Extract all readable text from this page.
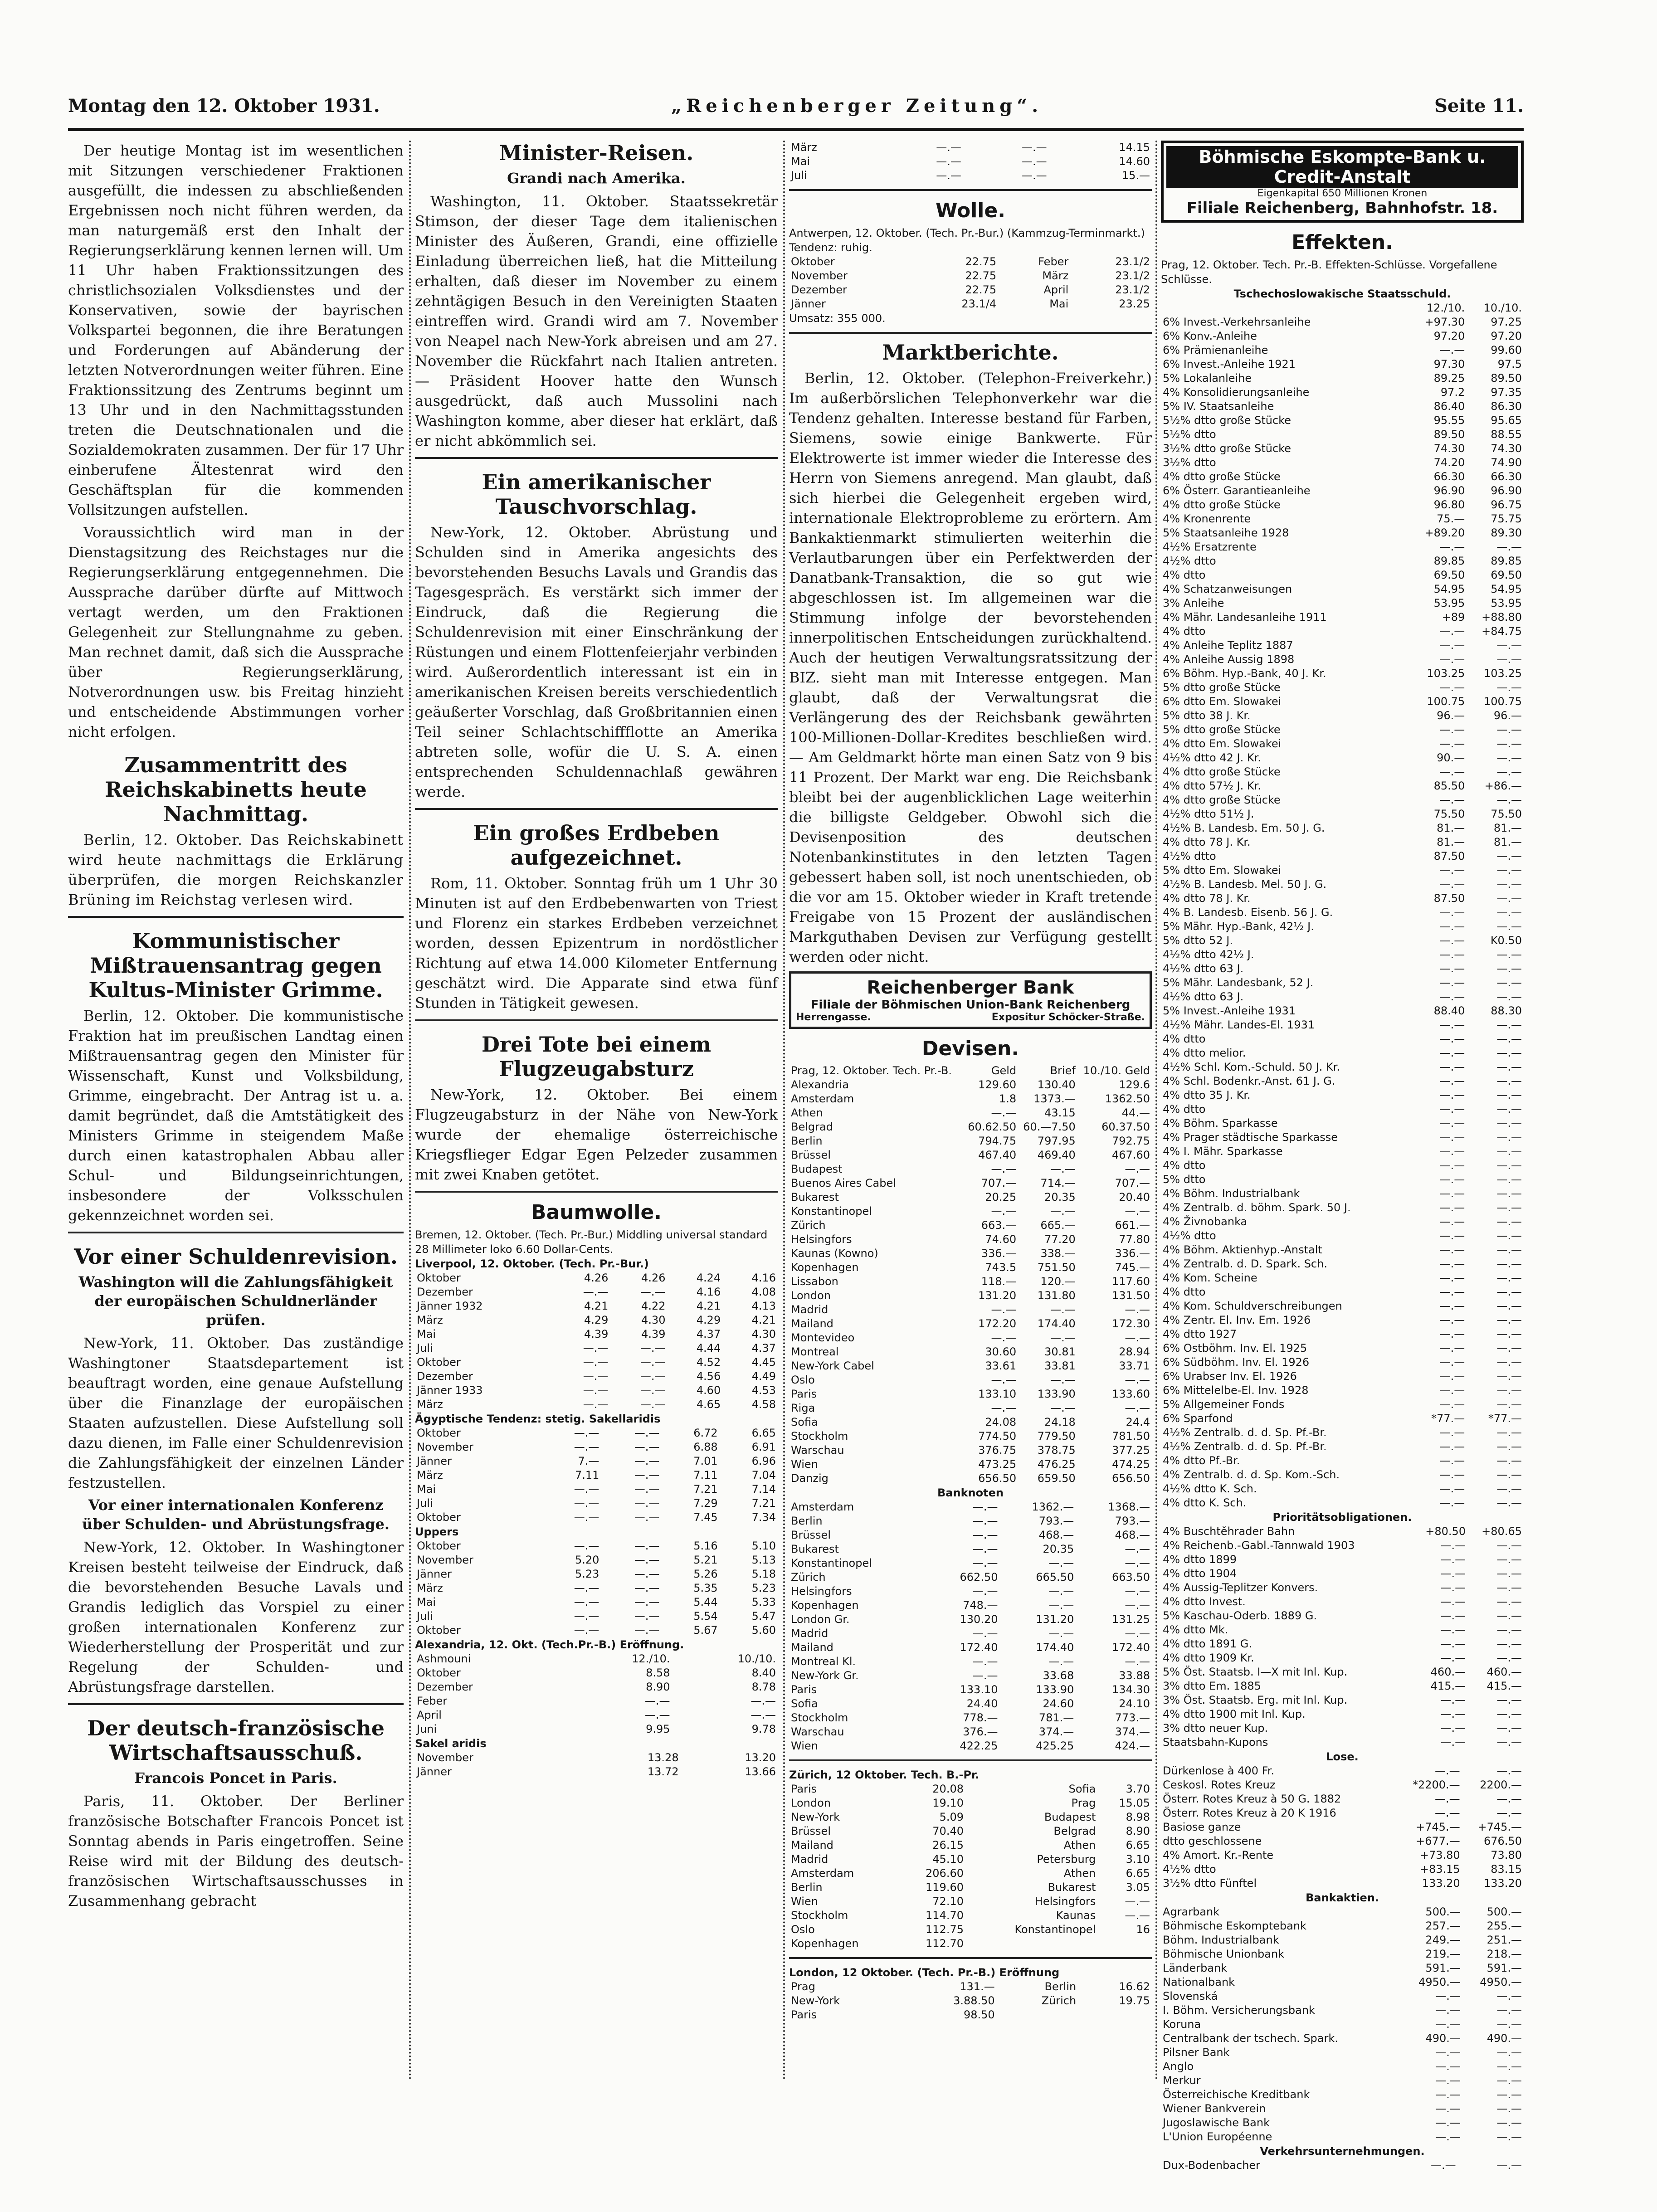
Montag den 12. Oktober 1931.	„Reichenberger Zeitung“.	Seite 11.

Der heutige Montag ist im wesentlichen mit Sitzungen verschiedener Fraktionen ausgefüllt, die indessen zu abschließenden Ergebnissen noch nicht führen werden, da man naturgemäß erst den Inhalt der Regierungserklärung kennen lernen will. Um 11 Uhr haben Fraktionssitzungen des christlichsozialen Volksdienstes und der Konservativen, sowie der bayrischen Volkspartei begonnen, die ihre Beratungen und Forderungen auf Abänderung der letzten Notverordnungen weiter führen. Eine Fraktionssitzung des Zentrums beginnt um 13 Uhr und in den Nachmittagsstunden treten die Deutschnationalen und die Sozialdemokraten zusammen. Der für 17 Uhr einberufene Ältestenrat wird den Geschäftsplan für die kommenden Vollsitzungen aufstellen.

Voraussichtlich wird man in der Dienstagsitzung des Reichstages nur die Regierungserklärung entgegennehmen. Die Aussprache darüber dürfte auf Mittwoch vertagt werden, um den Fraktionen Gelegenheit zur Stellungnahme zu geben. Man rechnet damit, daß sich die Aussprache über Regierungserklärung, Notverordnungen usw. bis Freitag hinzieht und entscheidende Abstimmungen vorher nicht erfolgen.

Zusammentritt des Reichskabinetts heute Nachmittag.

Berlin, 12. Oktober. Das Reichskabinett wird heute nachmittags die Erklärung überprüfen, die morgen Reichskanzler Brüning im Reichstag verlesen wird.

Kommunistischer Mißtrauensantrag gegen Kultus-Minister Grimme.

Berlin, 12. Oktober. Die kommunistische Fraktion hat im preußischen Landtag einen Mißtrauensantrag gegen den Minister für Wissenschaft, Kunst und Volksbildung, Grimme, eingebracht. Der Antrag ist u. a. damit begründet, daß die Amtstätigkeit des Ministers Grimme in steigendem Maße durch einen katastrophalen Abbau aller Schul- und Bildungseinrichtungen, insbesondere der Volksschulen gekennzeichnet worden sei.

Vor einer Schuldenrevision.
Washington will die Zahlungsfähigkeit der europäischen Schuldnerländer prüfen.

New-York, 11. Oktober. Das zuständige Washingtoner Staatsdepartement ist beauftragt worden, eine genaue Aufstellung über die Finanzlage der europäischen Staaten aufzustellen. Diese Aufstellung soll dazu dienen, im Falle einer Schuldenrevision die Zahlungsfähigkeit der einzelnen Länder festzustellen.

Vor einer internationalen Konferenz über Schulden- und Abrüstungsfrage.

New-York, 12. Oktober. In Washingtoner Kreisen besteht teilweise der Eindruck, daß die bevorstehenden Besuche Lavals und Grandis lediglich das Vorspiel zu einer großen internationalen Konferenz zur Wiederherstellung der Prosperität und zur Regelung der Schulden- und Abrüstungsfrage darstellen.

Der deutsch-französische Wirtschaftsausschuß.
Francois Poncet in Paris.

Paris, 11. Oktober. Der Berliner französische Botschafter Francois Poncet ist Sonntag abends in Paris eingetroffen. Seine Reise wird mit der Bildung des deutsch-französischen Wirtschaftsausschusses in Zusammenhang gebracht

Minister-Reisen.
Grandi nach Amerika.

Washington, 11. Oktober. Staatssekretär Stimson, der dieser Tage dem italienischen Minister des Äußeren, Grandi, eine offizielle Einladung überreichen ließ, hat die Mitteilung erhalten, daß dieser im November zu einem zehntägigen Besuch in den Vereinigten Staaten eintreffen wird. Grandi wird am 7. November von Neapel nach New-York abreisen und am 27. November die Rückfahrt nach Italien antreten. — Präsident Hoover hatte den Wunsch ausgedrückt, daß auch Mussolini nach Washington komme, aber dieser hat erklärt, daß er nicht abkömmlich sei.

Ein amerikanischer Tauschvorschlag.

New-York, 12. Oktober. Abrüstung und Schulden sind in Amerika angesichts des bevorstehenden Besuchs Lavals und Grandis das Tagesgespräch. Es verstärkt sich immer der Eindruck, daß die Regierung die Schuldenrevision mit einer Einschränkung der Rüstungen und einem Flottenfeierjahr verbinden wird. Außerordentlich interessant ist ein in amerikanischen Kreisen bereits verschiedentlich geäußerter Vorschlag, daß Großbritannien einen Teil seiner Schlachtschiffflotte an Amerika abtreten solle, wofür die U. S. A. einen entsprechenden Schuldennachlaß gewähren werde.

Ein großes Erdbeben aufgezeichnet.

Rom, 11. Oktober. Sonntag früh um 1 Uhr 30 Minuten ist auf den Erdbebenwarten von Triest und Florenz ein starkes Erdbeben verzeichnet worden, dessen Epizentrum in nordöstlicher Richtung auf etwa 14.000 Kilometer Entfernung geschätzt wird. Die Apparate sind etwa fünf Stunden in Tätigkeit gewesen.

Drei Tote bei einem Flugzeugabsturz

New-York, 12. Oktober. Bei einem Flugzeugabsturz in der Nähe von New-York wurde der ehemalige österreichische Kriegsflieger Edgar Egen Pelzeder zusammen mit zwei Knaben getötet.

Baumwolle.
Bremen, 12. Oktober. (Tech. Pr.-Bur.) Middling universal standard 28 Millimeter loko 6.60 Dollar-Cents.
Liverpool, 12. Oktober. (Tech. Pr.-Bur.)
Oktober	4.26	4.26	4.24	4.16
Dezember	—.—	—.—	4.16	4.08
Jänner 1932	4.21	4.22	4.21	4.13
März	4.29	4.30	4.29	4.21
Mai	4.39	4.39	4.37	4.30
Juli	—.—	—.—	4.44	4.37
Oktober	—.—	—.—	4.52	4.45
Dezember	—.—	—.—	4.56	4.49
Jänner 1933	—.—	—.—	4.60	4.53
März	—.—	—.—	4.65	4.58
Ägyptische Tendenz: stetig. Sakellaridis
Oktober	—.—	—.—	6.72	6.65
November	—.—	—.—	6.88	6.91
Jänner	7.—	—.—	7.01	6.96
März	7.11	—.—	7.11	7.04
Mai	—.—	—.—	7.21	7.14
Juli	—.—	—.—	7.29	7.21
Oktober	—.—	—.—	7.45	7.34
Uppers
Oktober	—.—	—.—	5.16	5.10
November	5.20	—.—	5.21	5.13
Jänner	5.23	—.—	5.26	5.18
März	—.—	—.—	5.35	5.23
Mai	—.—	—.—	5.44	5.33
Juli	—.—	—.—	5.54	5.47
Oktober	—.—	—.—	5.67	5.60
Alexandria, 12. Okt. (Tech.Pr.-B.) Eröffnung.
Ashmouni	12./10.	10./10.
Oktober	8.58	8.40
Dezember	8.90	8.78
Feber	—.—	—.—
April	—.—	—.—
Juni	9.95	9.78
Sakel aridis
November	13.28	13.20
Jänner	13.72	13.66
März	—.—	—.—	14.15
Mai	—.—	—.—	14.60
Juli	—.—	—.—	15.—
Wolle.
Antwerpen, 12. Oktober. (Tech. Pr.-Bur.) (Kammzug-Terminmarkt.) Tendenz: ruhig.
Oktober	22.75	Feber	23.1/2
November	22.75	März	23.1/2
Dezember	22.75	April	23.1/2
Jänner	23.1/4	Mai	23.25
Umsatz: 355 000.
Marktberichte.

Berlin, 12. Oktober. (Telephon-Freiverkehr.) Im außerbörslichen Telephonverkehr war die Tendenz gehalten. Interesse bestand für Farben, Siemens, sowie einige Bankwerte. Für Elektrowerte ist immer wieder die Interesse des Herrn von Siemens anregend. Man glaubt, daß sich hierbei die Gelegenheit ergeben wird, internationale Elektroprobleme zu erörtern. Am Bankaktienmarkt stimulierten weiterhin die Verlautbarungen über ein Perfektwerden der Danatbank-Transaktion, die so gut wie abgeschlossen ist. Im allgemeinen war die Stimmung infolge der bevorstehenden innerpolitischen Entscheidungen zurückhaltend. Auch der heutigen Verwaltungsratssitzung der BIZ. sieht man mit Interesse entgegen. Man glaubt, daß der Verwaltungsrat die Verlängerung des der Reichsbank gewährten 100-Millionen-Dollar-Kredites beschließen wird. — Am Geldmarkt hörte man einen Satz von 9 bis 11 Prozent. Der Markt war eng. Die Reichsbank bleibt bei der augenblicklichen Lage weiterhin die billigste Geldgeber. Obwohl sich die Devisenposition des deutschen Notenbankinstitutes in den letzten Tagen gebessert haben soll, ist noch unentschieden, ob die vor am 15. Oktober wieder in Kraft tretende Freigabe von 15 Prozent der ausländischen Markguthaben Devisen zur Verfügung gestellt werden oder nicht.

Reichenberger Bank
Filiale der Böhmischen Union-Bank Reichenberg
Herrengasse.	Expositur Schöcker-Straße.
Devisen.
Prag, 12. Oktober. Tech. Pr.-B.	Geld	Brief	10./10. Geld
Alexandria	129.60	130.40	129.6
Amsterdam	1.8	1373.—	1362.50
Athen	—.—	43.15	44.—
Belgrad	60.62.50	60.—7.50	60.37.50
Berlin	794.75	797.95	792.75
Brüssel	467.40	469.40	467.60
Budapest	—.—	—.—	—.—
Buenos Aires Cabel	707.—	714.—	707.—
Bukarest	20.25	20.35	20.40
Konstantinopel	—.—	—.—	—.—
Zürich	663.—	665.—	661.—
Helsingfors	74.60	77.20	77.80
Kaunas (Kowno)	336.—	338.—	336.—
Kopenhagen	743.5	751.50	745.—
Lissabon	118.—	120.—	117.60
London	131.20	131.80	131.50
Madrid	—.—	—.—	—.—
Mailand	172.20	174.40	172.30
Montevideo	—.—	—.—	—.—
Montreal	30.60	30.81	28.94
New-York Cabel	33.61	33.81	33.71
Oslo	—.—	—.—	—.—
Paris	133.10	133.90	133.60
Riga	—.—	—.—	—.—
Sofia	24.08	24.18	24.4
Stockholm	774.50	779.50	781.50
Warschau	376.75	378.75	377.25
Wien	473.25	476.25	474.25
Danzig	656.50	659.50	656.50
Banknoten
Amsterdam	—.—	1362.—	1368.—
Berlin	—.—	793.—	793.—
Brüssel	—.—	468.—	468.—
Bukarest	—.—	20.35	—.—
Konstantinopel	—.—	—.—	—.—
Zürich	662.50	665.50	663.50
Helsingfors	—.—	—.—	—.—
Kopenhagen	748.—	—.—	—.—
London Gr.	130.20	131.20	131.25
Madrid	—.—	—.—	—.—
Mailand	172.40	174.40	172.40
Montreal Kl.	—.—	—.—	—.—
New-York Gr.	—.—	33.68	33.88
Paris	133.10	133.90	134.30
Sofia	24.40	24.60	24.10
Stockholm	778.—	781.—	773.—
Warschau	376.—	374.—	374.—
Wien	422.25	425.25	424.—
Zürich, 12 Oktober. Tech. B.-Pr.
Paris	20.08	Sofia	3.70
London	19.10	Prag	15.05
New-York	5.09	Budapest	8.98
Brüssel	70.40	Belgrad	8.90
Mailand	26.15	Athen	6.65
Madrid	45.10	Petersburg	3.10
Amsterdam	206.60	Athen	6.65
Berlin	119.60	Bukarest	3.05
Wien	72.10	Helsingfors	—.—
Stockholm	114.70	Kaunas	—.—
Oslo	112.75	Konstantinopel	16
Kopenhagen	112.70		
London, 12 Oktober. (Tech. Pr.-B.) Eröffnung
Prag	131.—	Berlin	16.62
New-York	3.88.50	Zürich	19.75
Paris	98.50		
Böhmische Eskompte-Bank u. Credit-Anstalt
Eigenkapital 650 Millionen Kronen
Filiale Reichenberg, Bahnhofstr. 18.
Effekten.
Prag, 12. Oktober. Tech. Pr.-B. Effekten-Schlüsse. Vorgefallene Schlüsse.
Tschechoslowakische Staatsschuld.
	12./10.	10./10.
6% Invest.-Verkehrsanleihe	+97.30	97.25
6% Konv.-Anleihe	97.20	97.20
6% Prämienanleihe	—.—	99.60
6% Invest.-Anleihe 1921	97.30	97.5
5% Lokalanleihe	89.25	89.50
4% Konsolidierungsanleihe	97.2	97.35
5% IV. Staatsanleihe	86.40	86.30
5½% dtto große Stücke	95.55	95.65
5½% dtto	89.50	88.55
3½% dtto große Stücke	74.30	74.30
3½% dtto	74.20	74.90
4% dtto große Stücke	66.30	66.30
6% Österr. Garantieanleihe	96.90	96.90
4% dtto große Stücke	96.80	96.75
4% Kronenrente	75.—	75.75
5% Staatsanleihe 1928	+89.20	89.30
4½% Ersatzrente	—.—	—.—
4½% dtto	89.85	89.85
4% dtto	69.50	69.50
4% Schatzanweisungen	54.95	54.95
3% Anleihe	53.95	53.95
4% Mähr. Landesanleihe 1911	+89	+88.80
4% dtto	—.—	+84.75
4% Anleihe Teplitz 1887	—.—	—.—
4% Anleihe Aussig 1898	—.—	—.—
6% Böhm. Hyp.-Bank, 40 J. Kr.	103.25	103.25
5% dtto große Stücke	—.—	—.—
6% dtto Em. Slowakei	100.75	100.75
5% dtto 38 J. Kr.	96.—	96.—
5% dtto große Stücke	—.—	—.—
4% dtto Em. Slowakei	—.—	—.—
4½% dtto 42 J. Kr.	90.—	—.—
4% dtto große Stücke	—.—	—.—
4% dtto 57½ J. Kr.	85.50	+86.—
4% dtto große Stücke	—.—	—.—
4½% dtto 51½ J.	75.50	75.50
4½% B. Landesb. Em. 50 J. G.	81.—	81.—
4% dtto 78 J. Kr.	81.—	81.—
4½% dtto	87.50	—.—
5% dtto Em. Slowakei	—.—	—.—
4½% B. Landesb. Mel. 50 J. G.	—.—	—.—
4% dtto 78 J. Kr.	87.50	—.—
4% B. Landesb. Eisenb. 56 J. G.	—.—	—.—
5% Mähr. Hyp.-Bank, 42½ J.	—.—	—.—
5% dtto 52 J.	—.—	K0.50
4½% dtto 42½ J.	—.—	—.—
4½% dtto 63 J.	—.—	—.—
5% Mähr. Landesbank, 52 J.	—.—	—.—
4½% dtto 63 J.	—.—	—.—
5% Invest.-Anleihe 1931	88.40	88.30
4½% Mähr. Landes-El. 1931	—.—	—.—
4% dtto	—.—	—.—
4% dtto melior.	—.—	—.—
4½% Schl. Kom.-Schuld. 50 J. Kr.	—.—	—.—
4% Schl. Bodenkr.-Anst. 61 J. G.	—.—	—.—
4% dtto 35 J. Kr.	—.—	—.—
4% dtto	—.—	—.—
4% Böhm. Sparkasse	—.—	—.—
4% Prager städtische Sparkasse	—.—	—.—
4% I. Mähr. Sparkasse	—.—	—.—
4% dtto	—.—	—.—
5% dtto	—.—	—.—
4% Böhm. Industrialbank	—.—	—.—
4% Zentralb. d. böhm. Spark. 50 J.	—.—	—.—
4% Živnobanka	—.—	—.—
4½% dtto	—.—	—.—
4% Böhm. Aktienhyp.-Anstalt	—.—	—.—
4% Zentralb. d. D. Spark. Sch.	—.—	—.—
4% Kom. Scheine	—.—	—.—
4% dtto	—.—	—.—
4% Kom. Schuldverschreibungen	—.—	—.—
4% Zentr. El. Inv. Em. 1926	—.—	—.—
4% dtto 1927	—.—	—.—
6% Ostböhm. Inv. El. 1925	—.—	—.—
6% Südböhm. Inv. El. 1926	—.—	—.—
6% Urabser Inv. El. 1926	—.—	—.—
6% Mittelelbe-El. Inv. 1928	—.—	—.—
5% Allgemeiner Fonds	—.—	—.—
6% Sparfond	*77.—	*77.—
4½% Zentralb. d. d. Sp. Pf.-Br.	—.—	—.—
4½% Zentralb. d. d. Sp. Pf.-Br.	—.—	—.—
4% dtto Pf.-Br.	—.—	—.—
4% Zentralb. d. d. Sp. Kom.-Sch.	—.—	—.—
4½% dtto K. Sch.	—.—	—.—
4% dtto K. Sch.	—.—	—.—
Prioritätsobligationen.
4% Buschtěhrader Bahn	+80.50	+80.65
4% Reichenb.-Gabl.-Tannwald 1903	—.—	—.—
4% dtto 1899	—.—	—.—
4% dtto 1904	—.—	—.—
4% Aussig-Teplitzer Konvers.	—.—	—.—
4% dtto Invest.	—.—	—.—
5% Kaschau-Oderb. 1889 G.	—.—	—.—
4% dtto Mk.	—.—	—.—
4% dtto 1891 G.	—.—	—.—
4% dtto 1909 Kr.	—.—	—.—
5% Öst. Staatsb. I—X mit Inl. Kup.	460.—	460.—
3% dtto Em. 1885	415.—	415.—
3% Öst. Staatsb. Erg. mit Inl. Kup.	—.—	—.—
4% dtto 1900 mit Inl. Kup.	—.—	—.—
3% dtto neuer Kup.	—.—	—.—
Staatsbahn-Kupons	—.—	—.—
Lose.
Dürkenlose à 400 Fr.	—.—	—.—
Ceskosl. Rotes Kreuz	*2200.—	2200.—
Österr. Rotes Kreuz à 50 G. 1882	—.—	—.—
Österr. Rotes Kreuz à 20 K 1916	—.—	—.—
Basiose ganze	+745.—	+745.—
dtto geschlossene	+677.—	676.50
4% Amort. Kr.-Rente	+73.80	73.80
4½% dtto	+83.15	83.15
3½% dtto Fünftel	133.20	133.20
Bankaktien.
Agrarbank	500.—	500.—
Böhmische Eskomptebank	257.—	255.—
Böhm. Industrialbank	249.—	251.—
Böhmische Unionbank	219.—	218.—
Länderbank	591.—	591.—
Nationalbank	4950.—	4950.—
Slovenská	—.—	—.—
I. Böhm. Versicherungsbank	—.—	—.—
Koruna	—.—	—.—
Centralbank der tschech. Spark.	490.—	490.—
Pilsner Bank	—.—	—.—
Anglo	—.—	—.—
Merkur	—.—	—.—
Österreichische Kreditbank	—.—	—.—
Wiener Bankverein	—.—	—.—
Jugoslawische Bank	—.—	—.—
L'Union Européenne	—.—	—.—
Verkehrsunternehmungen.
Dux-Bodenbacher	—.—	—.—
